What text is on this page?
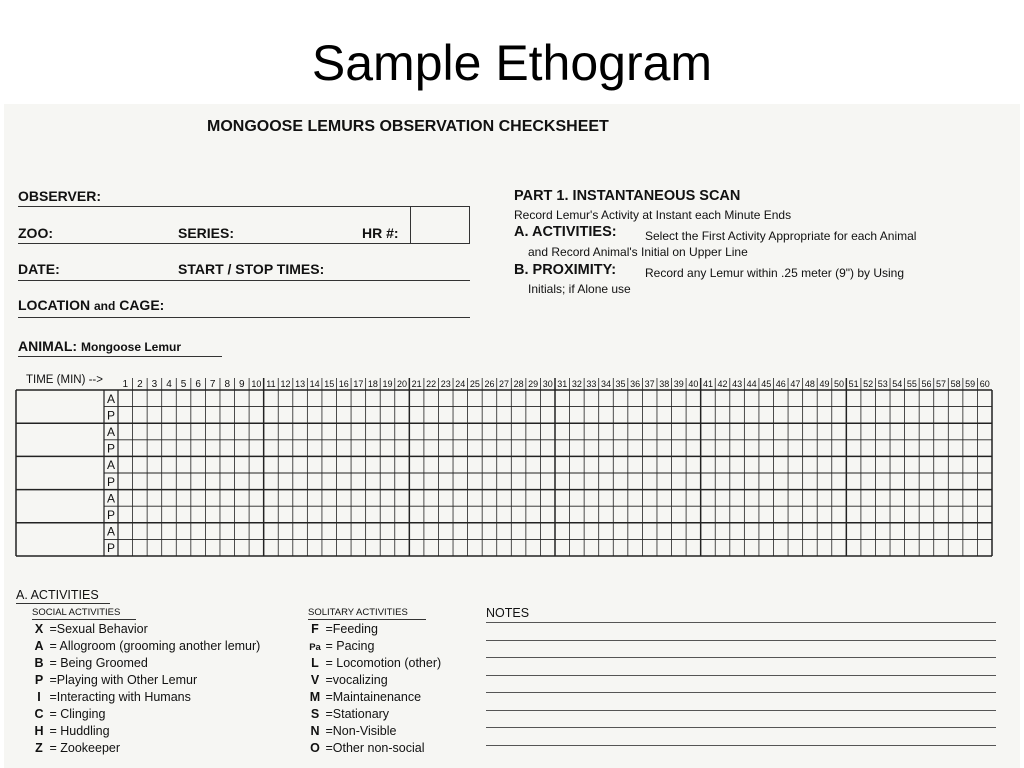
Sample Ethogram
MONGOOSE LEMURS OBSERVATION CHECKSHEET
OBSERVER:
ZOO:	SERIES:	HR #:
DATE:	START / STOP TIMES:
LOCATION and CAGE:
ANIMAL: Mongoose Lemur
PART 1. INSTANTANEOUS SCAN
Record Lemur's Activity at Instant each Minute Ends
A. ACTIVITIES: Select the First Activity Appropriate for each Animal
and Record Animal's Initial on Upper Line
B. PROXIMITY: Record any Lemur within .25 meter (9") by Using
Initials; if Alone use
TIME (MIN) --> 1 2 3 4 5 6 7 8 9 10 11 12 13 14 15 16 17 18 19 20 21 22 23 24 25 26 27 28 29 30 31 32 33 34 35 36 37 38 39 40 41 42 43 44 45 46 47 48 49 50 51 52 53 54 55 56 57 58 59 60
A
P
A
P
A
P
A
P
A
P
A. ACTIVITIES
SOCIAL ACTIVITIES	SOLITARY ACTIVITIES
X =Sexual Behavior
A = Allogroom (grooming another lemur)
B = Being Groomed
P =Playing with Other Lemur
I =Interacting with Humans
C = Clinging
H = Huddling
Z = Zookeeper
F =Feeding
Pa = Pacing
L = Locomotion (other)
V =vocalizing
M =Maintainenance
S =Stationary
N =Non-Visible
O =Other non-social
NOTES
